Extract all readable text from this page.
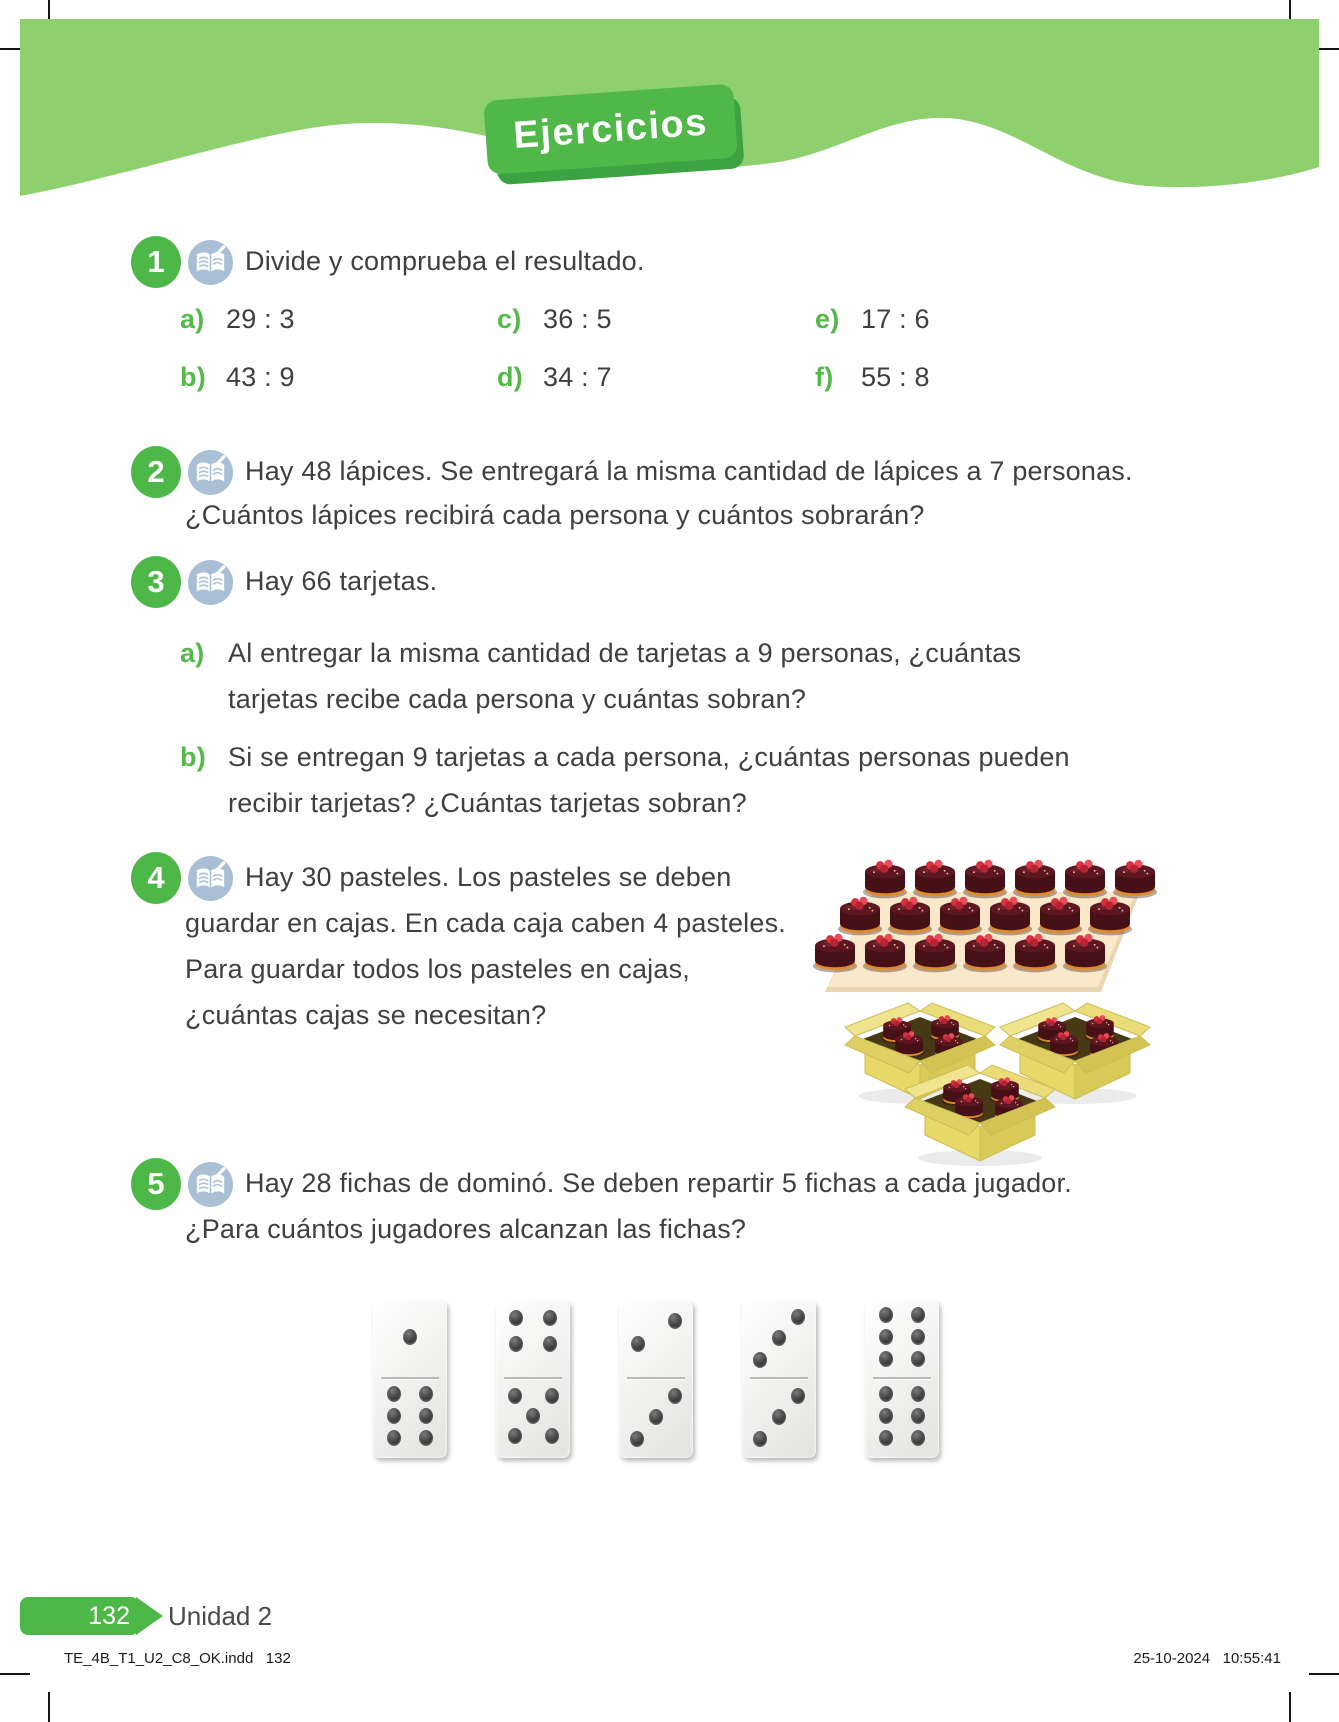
Ejercicios
1	Divide y comprueba el resultado.
a) 29 : 3	c) 36 : 5	e) 17 : 6
b) 43 : 9	d) 34 : 7	f) 55 : 8
2	Hay 48 lápices. Se entregará la misma cantidad de lápices a 7 personas.
¿Cuántos lápices recibirá cada persona y cuántos sobrarán?
3	Hay 66 tarjetas.
a) Al entregar la misma cantidad de tarjetas a 9 personas, ¿cuántas
tarjetas recibe cada persona y cuántas sobran?
b) Si se entregan 9 tarjetas a cada persona, ¿cuántas personas pueden
recibir tarjetas? ¿Cuántas tarjetas sobran?
4	Hay 30 pasteles. Los pasteles se deben
guardar en cajas. En cada caja caben 4 pasteles.
Para guardar todos los pasteles en cajas,
¿cuántas cajas se necesitan?
5	Hay 28 fichas de dominó. Se deben repartir 5 fichas a cada jugador.
¿Para cuántos jugadores alcanzan las fichas?
132 Unidad 2
TE_4B_T1_U2_C8_OK.indd   132	25-10-2024   10:55:41
